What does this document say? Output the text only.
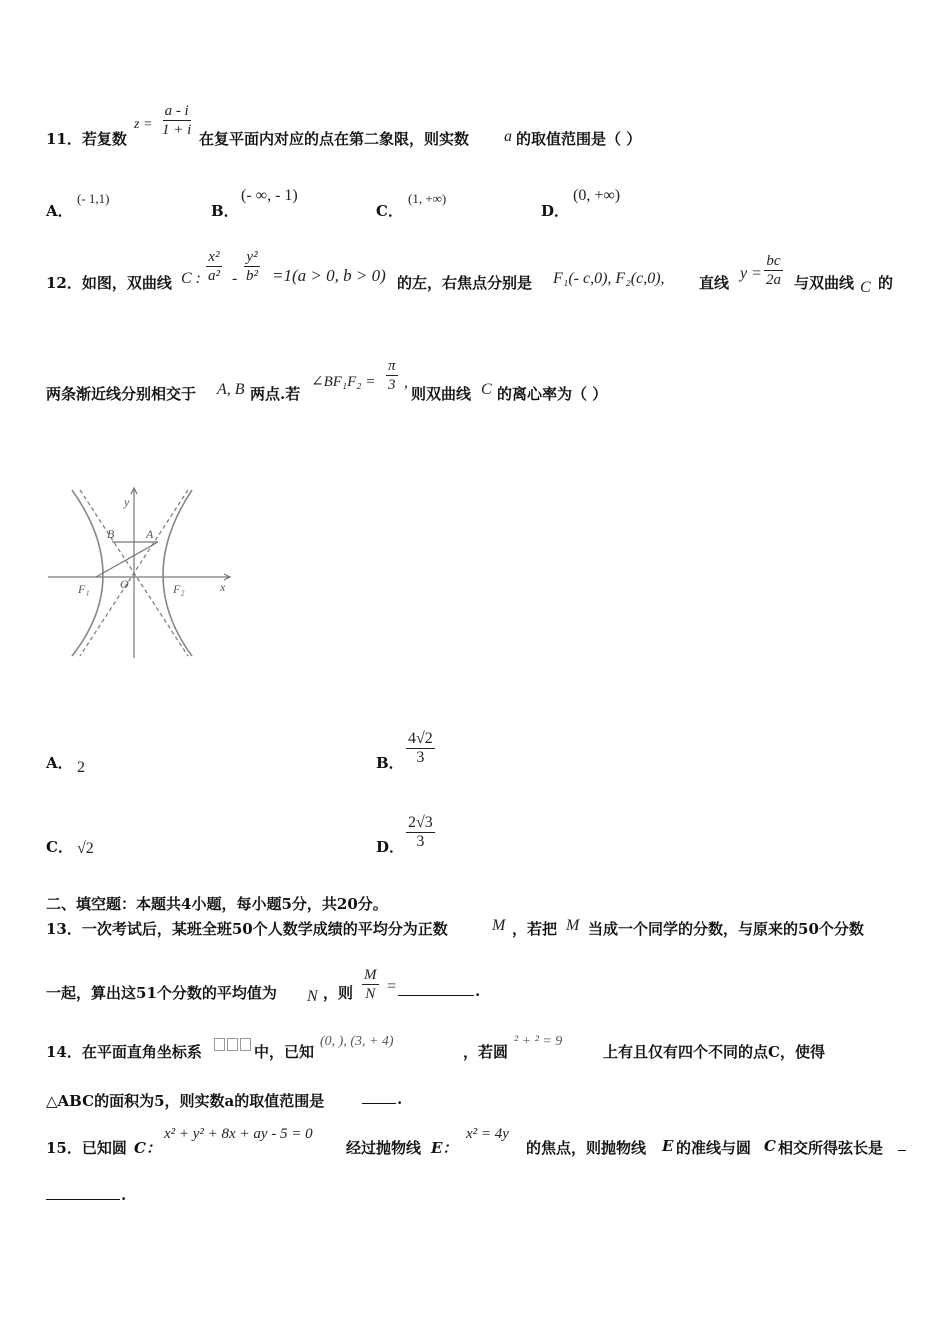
11．若复数
$z = \frac{a - i}{1 + i}$ 在复平面内对应的点在第二象限，则实数 a 的取值范围是（ ）
A．
(- 1,1)
B．
(- ∞, - 1)
C．
(1, +∞)
D．
(0, +∞)
12．如图，双曲线 C : $\frac{\text{x²}}{\text{a²}} - \frac{\text{y²}}{\text{b²}} =1(a > 0$, b > 0) 的左，右焦点分别是 F₁(- c,0), F₂(c,0), 直线
$y = \frac{bc}{2a}$ 与双曲线 C 的
两条渐近线分别相交于 A, B 两点.若
∠BF₁F₂ = $\frac{\pi}{3}$ ,
则双曲线 C 的离心率为（ ）
y
x
B	A
O
F₁	F₂
A． 2	B． $\frac{4√2}{3}$
C． √2	D． $\frac{2√3}{3}$
二、填空题：本题共4小题，每小题5分，共20分。
13．一次考试后，某班全班50个人数学成绩的平均分为正数	M ，若把 M 当成一个同学的分数，与原来的50个分数
一起，算出这51个分数的平均值为 N ，则 $\frac{M}{N}$ =	.
14．在平面直角坐标系	中，已知
(0, ), (3, + 4)
，若圆
² + ² = 9
上有且仅有四个不同的点C，使得
△ABC的面积为5，则实数a的取值范围是	.
15．已知圆 C：
x² + y² + 8x + ay - 5 = 0
经过抛物线 E：
x² = 4y
的焦点，则抛物线 E 的准线与圆 C 相交所得弦长是
.
